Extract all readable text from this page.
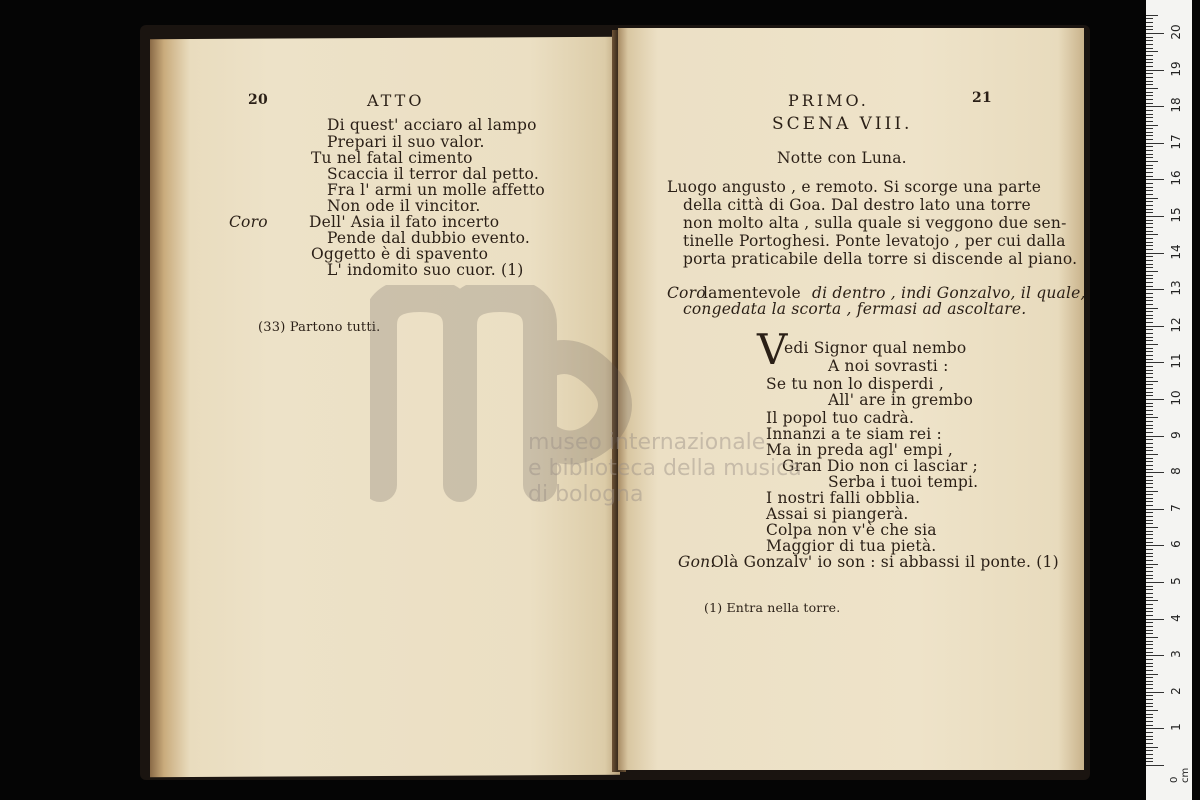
20	ATTO
Di quest' acciaro al lampo
Prepari il suo valor.
Tu nel fatal cimento
Scaccia il terror dal petto.
Fra l' armi un molle affetto
Non ode il vincitor.
Coro	Dell' Asia il fato incerto
Pende dal dubbio evento.
Oggetto è di spavento
L' indomito suo cuor. (1)
(33) Partono tutti.
PRIMO.	21
SCENA VIII.
Notte con Luna.
Luogo angusto , e remoto. Si scorge una parte
della città di Goa. Dal destro lato una torre
non molto alta , sulla quale si veggono due sen-
tinelle Portoghesi. Ponte levatojo , per cui dalla
porta praticabile della torre si discende al piano.
Coro
lamentevole di dentro , indi Gonzalvo, il quale,
congedata la scorta , fermasi ad ascoltare.
V
edi Signor qual nembo
A noi sovrasti :
Se tu non lo disperdi ,
All' are in grembo
Il popol tuo cadrà.
Innanzi a te siam rei :
Ma in preda agl' empi ,
Gran Dio non ci lasciar ;
Serba i tuoi tempi.
I nostri falli obblia.
Assai si piangerà.
Colpa non v'è che sia
Maggior di tua pietà.
Gon.
Olà Gonzalv' io son : si abbassi il ponte. (1)
(1) Entra nella torre.
museo internazionale
e biblioteca della musica
di bologna
1
2
3
4
5
6
7
8
9
10
11
12
13
14
15
16
17
18
19
20
0 cm
